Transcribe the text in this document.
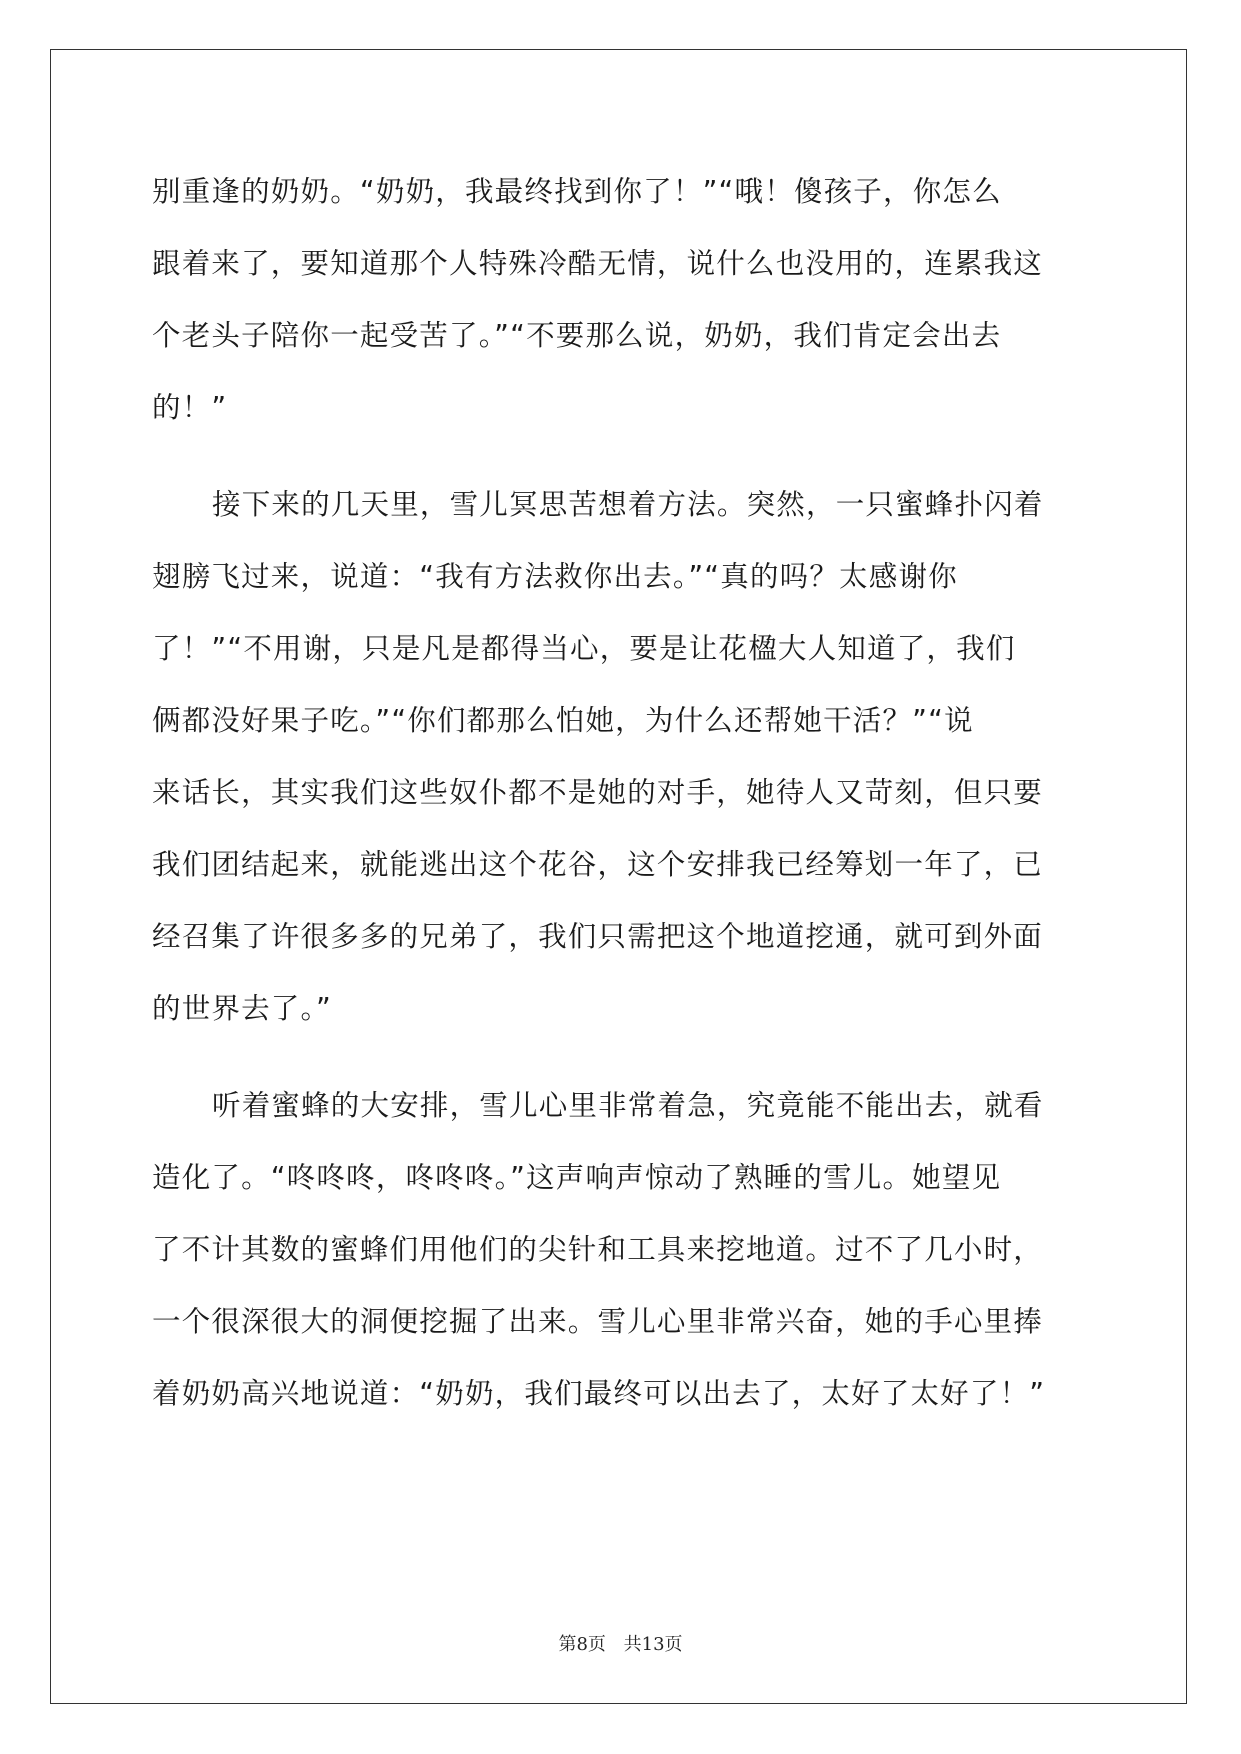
别重逢的奶奶。“奶奶，我最终找到你了！”“哦！傻孩子，你怎么
跟着来了，要知道那个人特殊冷酷无情，说什么也没用的，连累我这
个老头子陪你一起受苦了。”“不要那么说，奶奶，我们肯定会出去
的！”
接下来的几天里，雪儿冥思苦想着方法。突然，一只蜜蜂扑闪着
翅膀飞过来，说道：“我有方法救你出去。”“真的吗？太感谢你
了！”“不用谢，只是凡是都得当心，要是让花楹大人知道了，我们
俩都没好果子吃。”“你们都那么怕她，为什么还帮她干活？”“说
来话长，其实我们这些奴仆都不是她的对手，她待人又苛刻，但只要
我们团结起来，就能逃出这个花谷，这个安排我已经筹划一年了，已
经召集了许很多多的兄弟了，我们只需把这个地道挖通，就可到外面
的世界去了。”
听着蜜蜂的大安排，雪儿心里非常着急，究竟能不能出去，就看
造化了。“咚咚咚，咚咚咚。”这声响声惊动了熟睡的雪儿。她望见
了不计其数的蜜蜂们用他们的尖针和工具来挖地道。过不了几小时，
一个很深很大的洞便挖掘了出来。雪儿心里非常兴奋，她的手心里捧
着奶奶高兴地说道：“奶奶，我们最终可以出去了，太好了太好了！”
第8页 共13页
